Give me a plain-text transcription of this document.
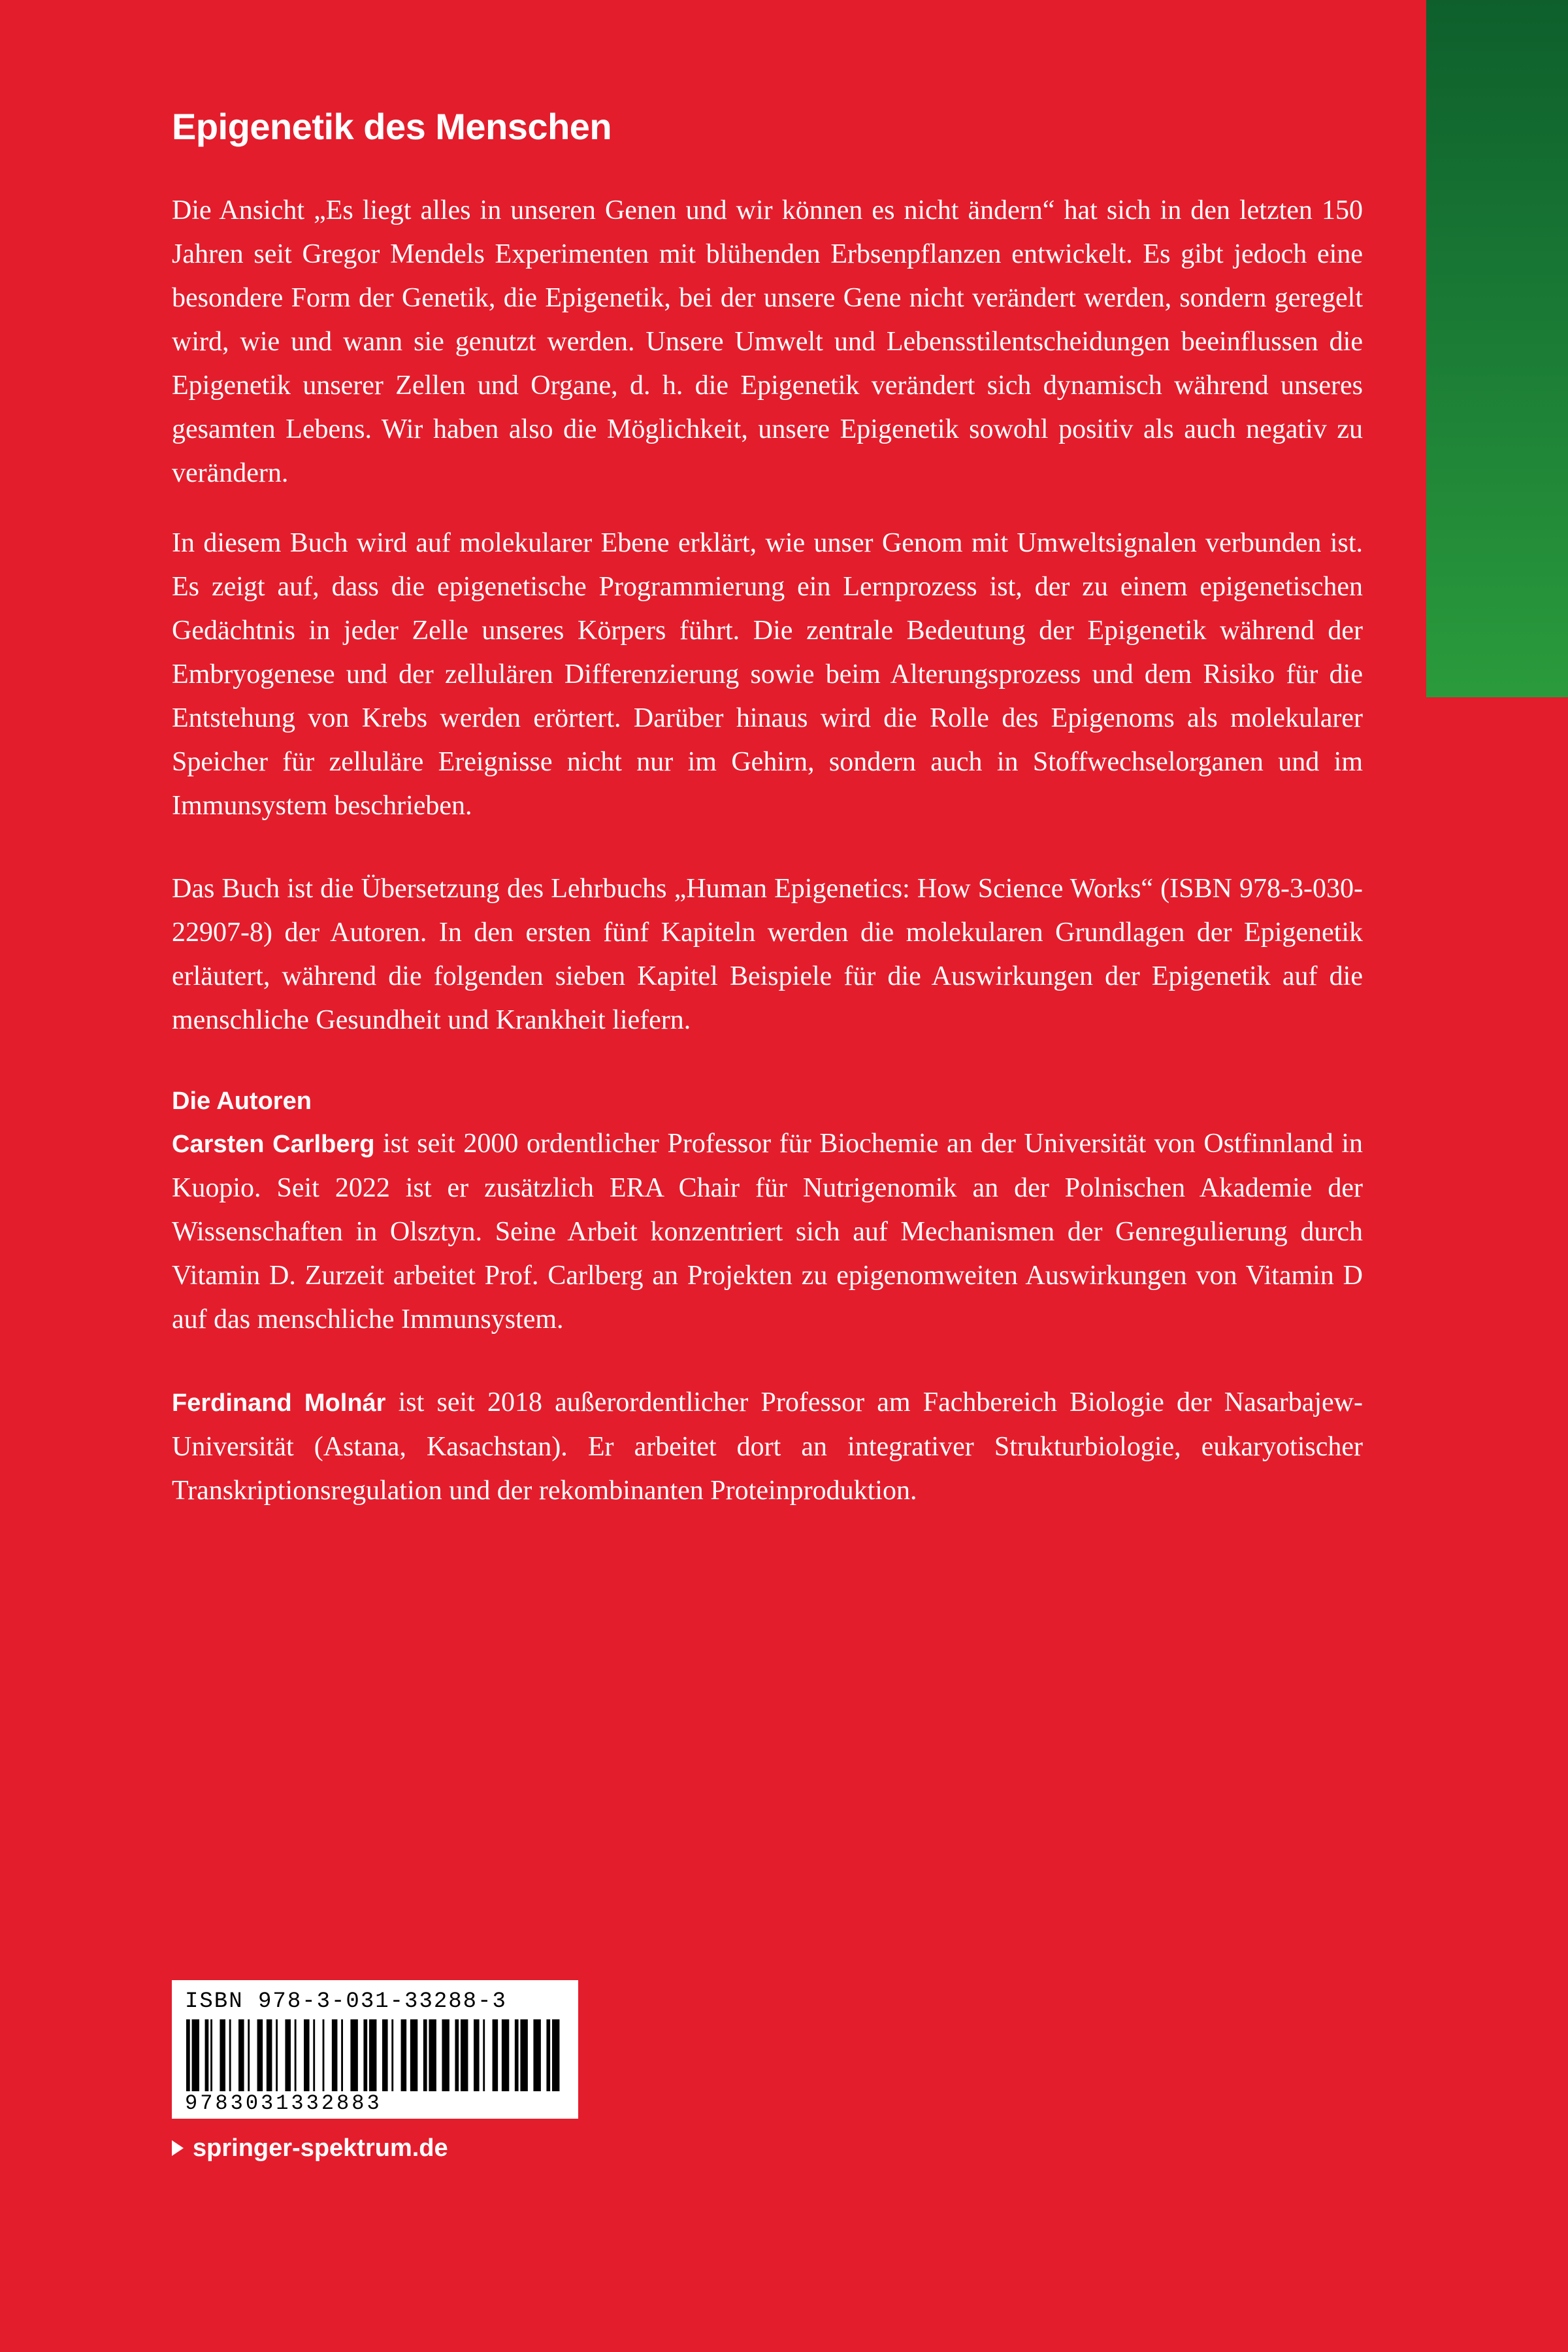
Epigenetik des Menschen

Die Ansicht „Es liegt alles in unseren Genen und wir können es nicht ändern“ hat sich in den letzten 150 Jahren seit Gregor Mendels Experimenten mit blühenden Erbsenpflanzen entwickelt. Es gibt jedoch eine besondere Form der Genetik, die Epigenetik, bei der unsere Gene nicht verändert werden, sondern geregelt wird, wie und wann sie genutzt werden. Unsere Umwelt und Lebensstilentscheidungen beeinflussen die Epigenetik unserer Zellen und Organe, d. h. die Epigenetik verändert sich dynamisch während unseres gesamten Lebens. Wir haben also die Möglichkeit, unsere Epigenetik sowohl positiv als auch negativ zu verändern.

In diesem Buch wird auf molekularer Ebene erklärt, wie unser Genom mit Umweltsignalen verbunden ist. Es zeigt auf, dass die epigenetische Programmierung ein Lernprozess ist, der zu einem epigenetischen Gedächtnis in jeder Zelle unseres Körpers führt. Die zentrale Bedeutung der Epigenetik während der Embryogenese und der zellulären Differenzierung sowie beim Alterungsprozess und dem Risiko für die Entstehung von Krebs werden erörtert. Darüber hinaus wird die Rolle des Epigenoms als molekularer Speicher für zelluläre Ereignisse nicht nur im Gehirn, sondern auch in Stoffwechselorganen und im Immunsystem beschrieben.

Das Buch ist die Übersetzung des Lehrbuchs „Human Epigenetics: How Science Works“ (ISBN 978-3-030-22907-8) der Autoren. In den ersten fünf Kapiteln werden die molekularen Grundlagen der Epigenetik erläutert, während die folgenden sieben Kapitel Beispiele für die Auswirkungen der Epigenetik auf die menschliche Gesundheit und Krankheit liefern.

Die Autoren

Carsten Carlberg ist seit 2000 ordentlicher Professor für Biochemie an der Universität von Ostfinnland in Kuopio. Seit 2022 ist er zusätzlich ERA Chair für Nutrigenomik an der Polnischen Akademie der Wissenschaften in Olsztyn. Seine Arbeit konzentriert sich auf Mechanismen der Genregulierung durch Vitamin D. Zurzeit arbeitet Prof. Carlberg an Projekten zu epigenomweiten Auswirkungen von Vitamin D auf das menschliche Immunsystem.

Ferdinand Molnár ist seit 2018 außerordentlicher Professor am Fachbereich Biologie der Nasarbajew-Universität (Astana, Kasachstan). Er arbeitet dort an integrativer Strukturbiologie, eukaryotischer Transkriptionsregulation und der rekombinanten Proteinproduktion.

ISBN 978-3-031-33288-3
9783031332883
springer-spektrum.de
